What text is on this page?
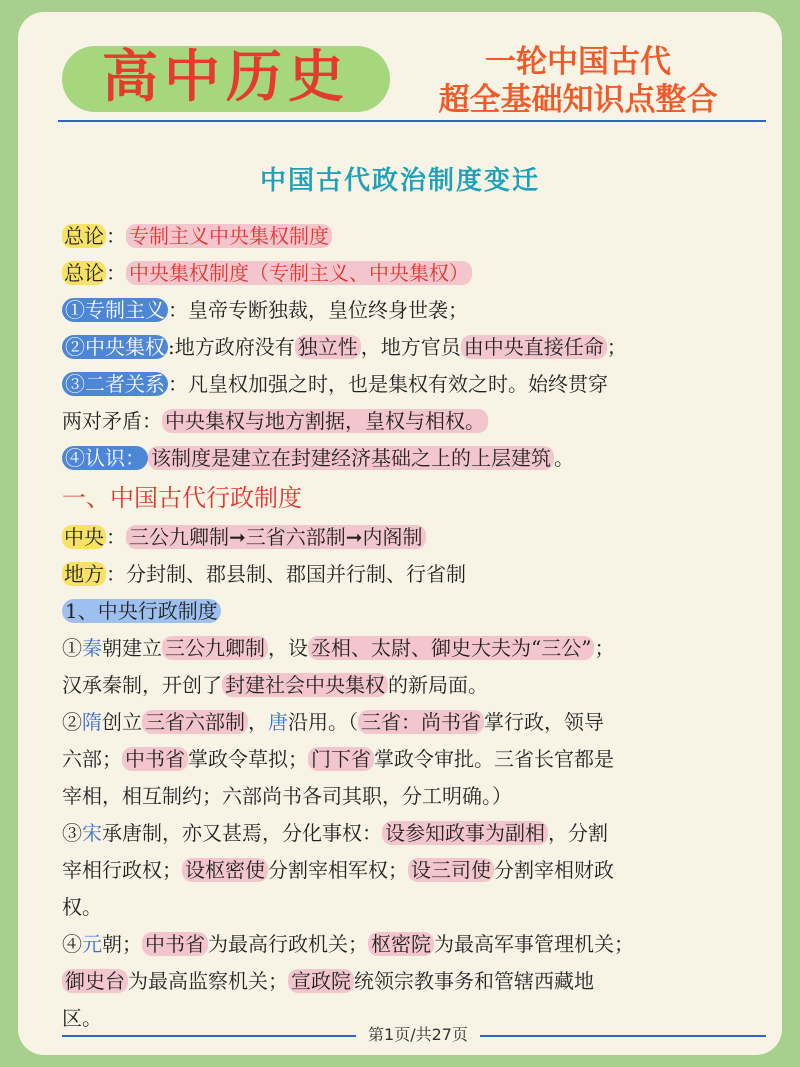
高中历史	一轮中国古代
超全基础知识点整合
中国古代政治制度变迁
总论 ： 专制主义中央集权制度
总论 ： 中央集权制度（专制主义、中央集权）
①专制主义 ：皇帝专断独裁，皇位终身世袭；
②中央集权 :地方政府没有 独立性 ，地方官员 由中央直接任命 ；
③二者关系 ：凡皇权加强之时，也是集权有效之时。始终贯穿
两对矛盾： 中央集权与地方割据，皇权与相权。
④认识： 该制度是建立在封建经济基础之上的上层建筑 。
一、中国古代行政制度
中央 ： 三公九卿制➞三省六部制➞内阁制
地方 ：分封制、郡县制、郡国并行制、行省制
1、中央行政制度
①秦朝建立 三公九卿制 ，设 丞相、太尉、御史大夫为“三公” ；
汉承秦制，开创了 封建社会中央集权 的新局面。
②隋创立 三省六部制 ，唐沿用。（ 三省：尚书省 掌行政，领导
六部； 中书省 掌政令草拟； 门下省 掌政令审批。三省长官都是
宰相，相互制约；六部尚书各司其职，分工明确。）
③宋承唐制，亦又甚焉，分化事权： 设参知政事为副相 ，分割
宰相行政权； 设枢密使 分割宰相军权； 设三司使 分割宰相财政
权。
④元朝； 中书省 为最高行政机关； 枢密院 为最高军事管理机关；
御史台 为最高监察机关； 宣政院 统领宗教事务和管辖西藏地
区。
第1页/共27页
